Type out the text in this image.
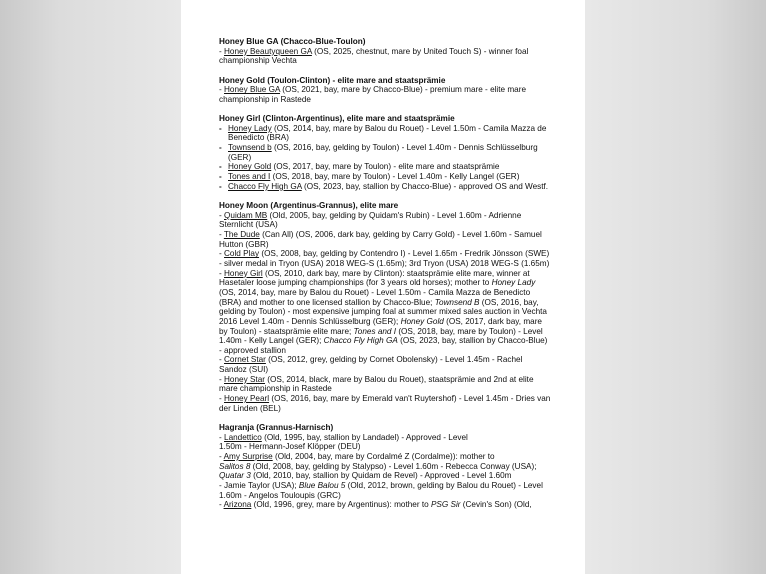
Honey Blue GA (Chacco-Blue-Toulon)
- Honey Beautyqueen GA (OS, 2025, chestnut, mare by United Touch S) - winner foal championship Vechta
Honey Gold (Toulon-Clinton) - elite mare and staatsprämie
- Honey Blue GA (OS, 2021, bay, mare by Chacco-Blue) - premium mare - elite mare championship in Rastede
Honey Girl (Clinton-Argentinus), elite mare and staatsprämie
- Honey Lady (OS, 2014, bay, mare by Balou du Rouet) - Level 1.50m - Camila Mazza de Benedicto (BRA)
- Townsend b (OS, 2016, bay, gelding by Toulon) - Level 1.40m - Dennis Schlüsselburg (GER)
- Honey Gold (OS, 2017, bay, mare by Toulon) - elite mare and staatsprämie
- Tones and I (OS, 2018, bay, mare by Toulon) - Level 1.40m - Kelly Langel (GER)
- Chacco Fly High GA (OS, 2023, bay, stallion by Chacco-Blue) - approved OS and Westf.
Honey Moon (Argentinus-Grannus), elite mare
- Quidam MB (Old, 2005, bay, gelding by Quidam's Rubin) - Level 1.60m - Adrienne Sternlicht (USA)
- The Dude (Can All) (OS, 2006, dark bay, gelding by Carry Gold) - Level 1.60m - Samuel Hutton (GBR)
- Cold Play (OS, 2008, bay, gelding by Contendro I) - Level 1.65m - Fredrik Jönsson (SWE) - silver medal in Tryon (USA) 2018 WEG-S (1.65m); 3rd Tryon (USA) 2018 WEG-S (1.65m)
- Honey Girl (OS, 2010, dark bay, mare by Clinton): staatsprämie elite mare, winner at Hasetaler loose jumping championships (for 3 years old horses); mother to Honey Lady (OS, 2014, bay, mare by Balou du Rouet) - Level 1.50m - Camila Mazza de Benedicto (BRA) and mother to one licensed stallion by Chacco-Blue; Townsend B (OS, 2016, bay, gelding by Toulon) - most expensive jumping foal at summer mixed sales auction in Vechta 2016 Level 1.40m - Dennis Schlüsselburg (GER); Honey Gold (OS, 2017, dark bay, mare by Toulon) - staatsprämie elite mare; Tones and I (OS, 2018, bay, mare by Toulon) - Level 1.40m - Kelly Langel (GER); Chacco Fly High GA (OS, 2023, bay, stallion by Chacco-Blue) - approved stallion
- Cornet Star (OS, 2012, grey, gelding by Cornet Obolensky) - Level 1.45m - Rachel Sandoz (SUI)
- Honey Star (OS, 2014, black, mare by Balou du Rouet), staatsprämie and 2nd at elite mare championship in Rastede
- Honey Pearl (OS, 2016, bay, mare by Emerald van't Ruytershof) - Level 1.45m - Dries van der Linden (BEL)
Hagranja (Grannus-Harnisch)
- Landettico (Old, 1995, bay, stallion by Landadel) - Approved - Level
1.50m - Hermann-Josef Klöpper (DEU)
- Amy Surprise (Old, 2004, bay, mare by Cordalmé Z (Cordalme)): mother to
Salitos 8 (Old, 2008, bay, gelding by Stalypso) - Level 1.60m - Rebecca Conway (USA);
Quatar 3 (Old, 2010, bay, stallion by Quidam de Revel) - Approved - Level 1.60m
- Jamie Taylor (USA); Blue Balou 5 (Old, 2012, brown, gelding by Balou du Rouet) - Level 1.60m - Angelos Touloupis (GRC)
- Arizona (Old, 1996, grey, mare by Argentinus): mother to PSG Sir (Cevin's Son) (Old,
